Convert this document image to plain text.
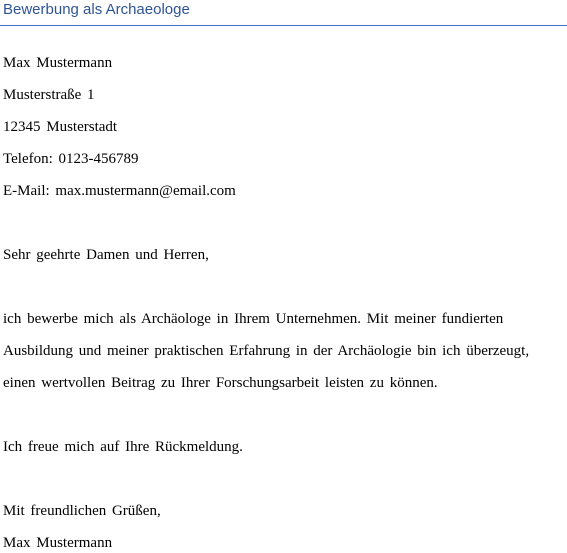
Bewerbung als Archaeologe
Max Mustermann
Musterstraße 1
12345 Musterstadt
Telefon: 0123-456789
E-Mail: max.mustermann@email.com
Sehr geehrte Damen und Herren,
ich bewerbe mich als Archäologe in Ihrem Unternehmen. Mit meiner fundierten
Ausbildung und meiner praktischen Erfahrung in der Archäologie bin ich überzeugt,
einen wertvollen Beitrag zu Ihrer Forschungsarbeit leisten zu können.
Ich freue mich auf Ihre Rückmeldung.
Mit freundlichen Grüßen,
Max Mustermann
